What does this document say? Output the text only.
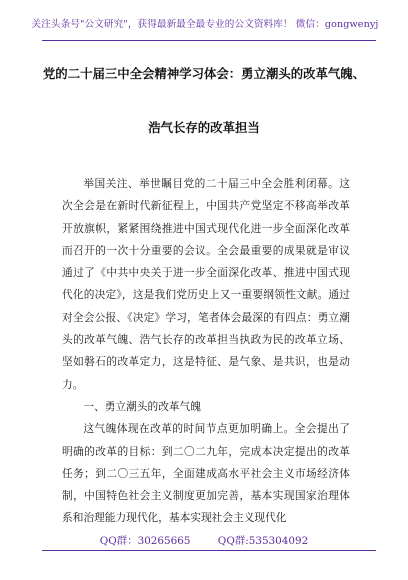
关注头条号"公文研究"，获得最新最全最专业的公文资料库！ 微信：gongwenyj
党的二十届三中全会精神学习体会：勇立潮头的改革气魄、
浩气长存的改革担当

举国关注、举世瞩目党的二十届三中全会胜利闭幕。这次全会是在新时代新征程上，中国共产党坚定不移高举改革开放旗帜，紧紧围绕推进中国式现代化进一步全面深化改革而召开的一次十分重要的会议。全会最重要的成果就是审议通过了《中共中央关于进一步全面深化改革、推进中国式现代化的决定》，这是我们党历史上又一重要纲领性文献。通过对全会公报、《决定》学习，笔者体会最深的有四点：勇立潮头的改革气魄、浩气长存的改革担当执政为民的改革立场、坚如磐石的改革定力，这是特征、是气象、是共识，也是动力。

一、勇立潮头的改革气魄

这气魄体现在改革的时间节点更加明确上。全会提出了明确的改革的目标：到二〇二九年，完成本决定提出的改革任务；到二〇三五年，全面建成高水平社会主义市场经济体制，中国特色社会主义制度更加完善，基本实现国家治理体系和治理能力现代化，基本实现社会主义现代化

QQ群：30265665	QQ群:535304092
